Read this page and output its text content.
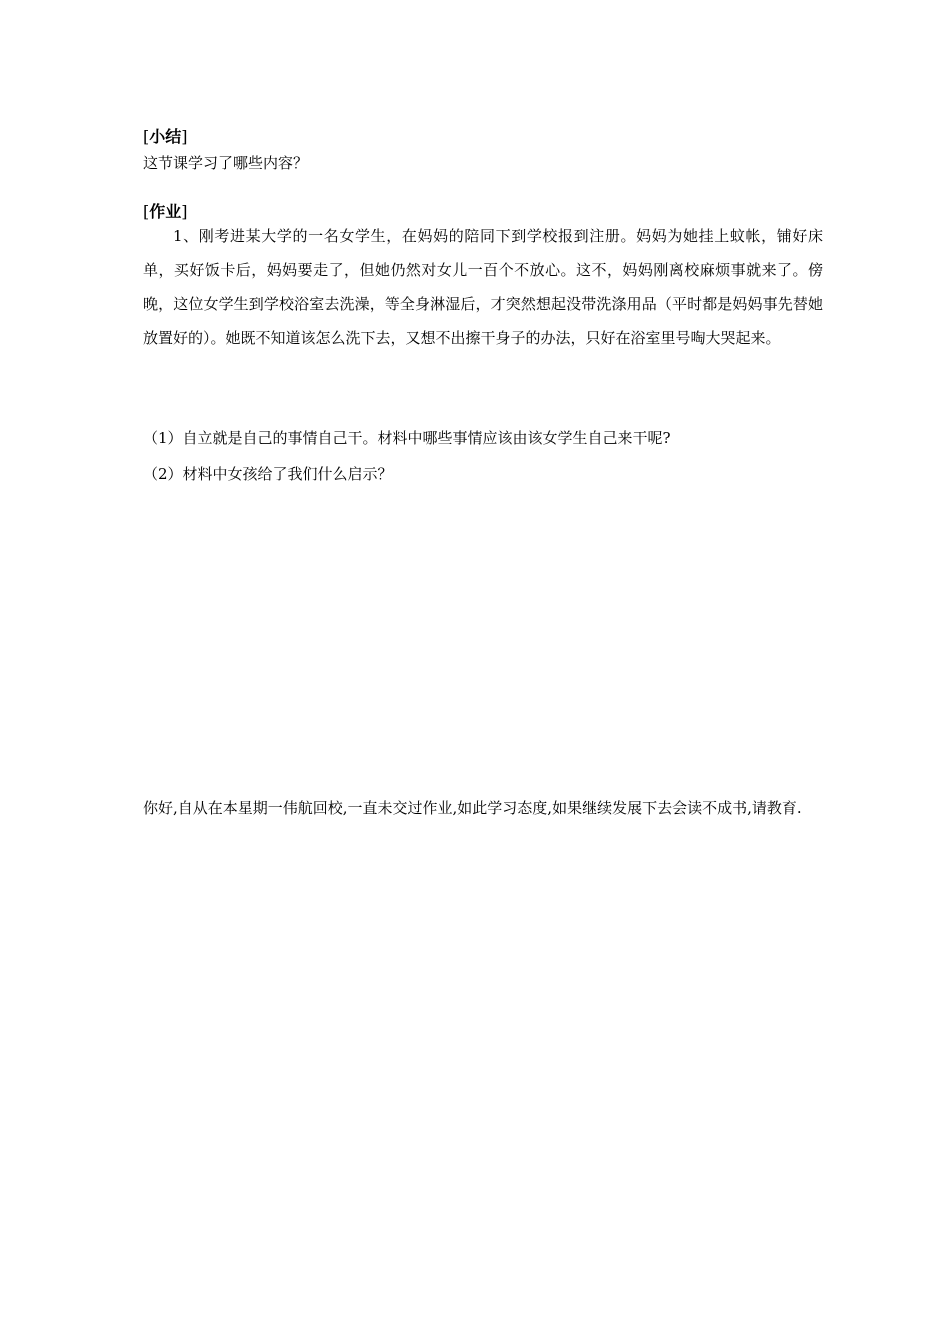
[小结]
这节课学习了哪些内容？
[作业]
1、刚考进某大学的一名女学生，在妈妈的陪同下到学校报到注册。妈妈为她挂上蚊帐，铺好床单，买好饭卡后，妈妈要走了，但她仍然对女儿一百个不放心。这不，妈妈刚离校麻烦事就来了。傍晚，这位女学生到学校浴室去洗澡，等全身淋湿后，才突然想起没带洗涤用品（平时都是妈妈事先替她放置好的）。她既不知道该怎么洗下去，又想不出擦干身子的办法，只好在浴室里号啕大哭起来。
（1）自立就是自己的事情自己干。材料中哪些事情应该由该女学生自己来干呢?
（2）材料中女孩给了我们什么启示？
你好,自从在本星期一伟航回校,一直未交过作业,如此学习态度,如果继续发展下去会读不成书,请教育.
